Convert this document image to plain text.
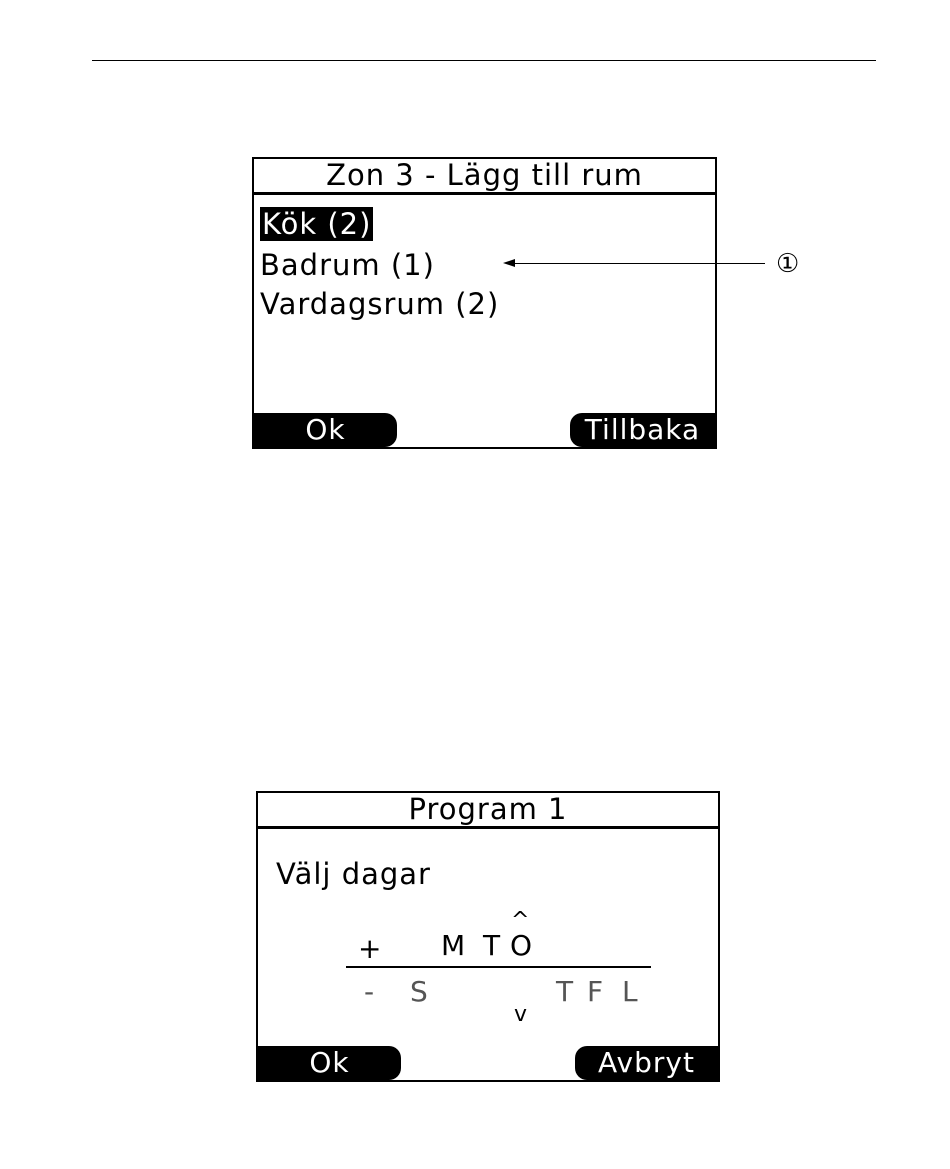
Zon 3 - Lägg till rum
Kök (2)
Badrum (1)
Vardagsrum (2)
Ok	Tillbaka
①
Program 1
Välj dagar
+ M T
^
O
- S
v
T F L
Ok	Avbryt
